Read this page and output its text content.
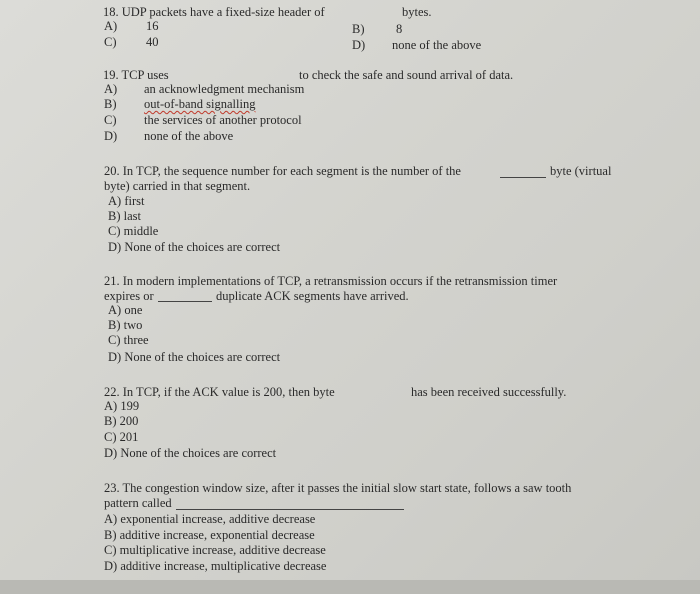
18. UDP packets have a fixed-size header of	bytes.
A) 16	B)	8
C) 40	D) none of the above
19. TCP uses	to check the safe and sound arrival of data.
A) an acknowledgment mechanism
B) out-of-band signalling
C) the services of another protocol
D) none of the above
20. In TCP, the sequence number for each segment is the number of the	byte (virtual
byte) carried in that segment.
A) first
B) last
C) middle
D) None of the choices are correct
21. In modern implementations of TCP, a retransmission occurs if the retransmission timer
expires or	duplicate ACK segments have arrived.
A) one
B) two
C) three
D) None of the choices are correct
22. In TCP, if the ACK value is 200, then byte	has been received successfully.
A) 199
B) 200
C) 201
D) None of the choices are correct
23. The congestion window size, after it passes the initial slow start state, follows a saw tooth
pattern called
A) exponential increase, additive decrease
B) additive increase, exponential decrease
C) multiplicative increase, additive decrease
D) additive increase, multiplicative decrease
